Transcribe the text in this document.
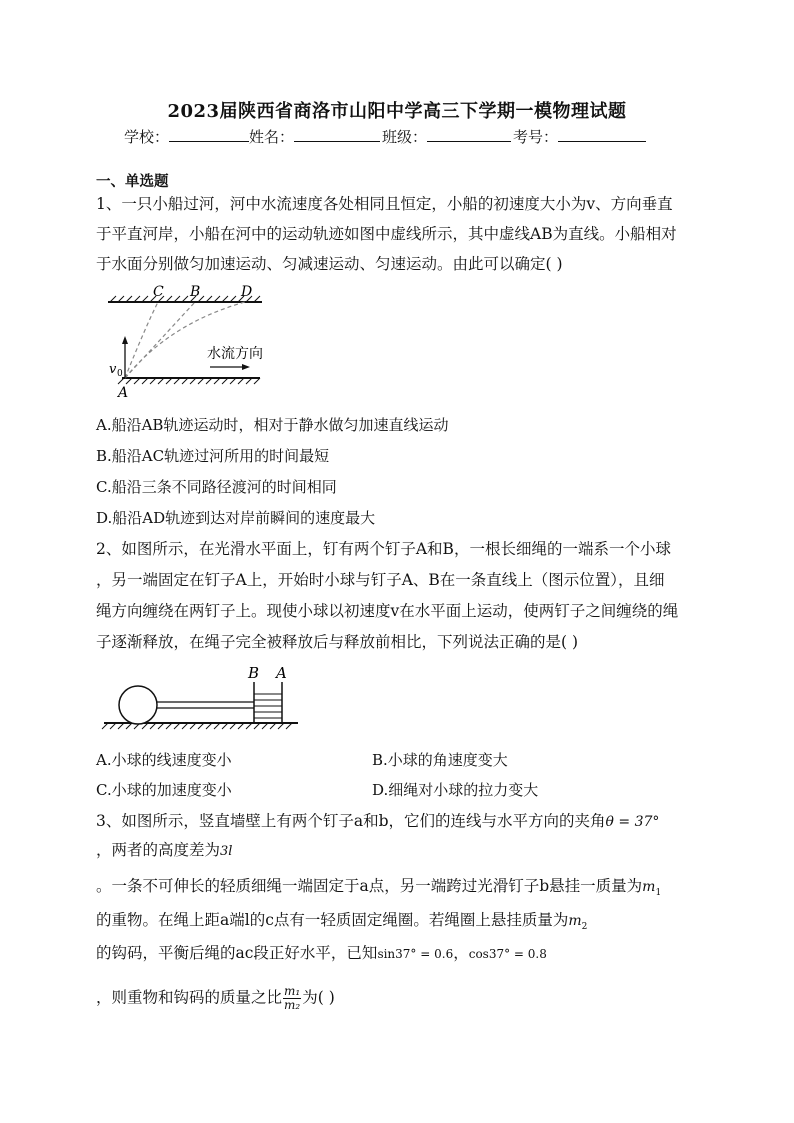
2023届陕西省商洛市山阳中学高三下学期一模物理试题
学校：	姓名：	班级：	考号：
一、单选题
1、一只小船过河，河中水流速度各处相同且恒定，小船的初速度大小为v、方向垂直
于平直河岸，小船在河中的运动轨迹如图中虚线所示，其中虚线AB为直线。小船相对
于水面分别做匀加速运动、匀减速运动、匀速运动。由此可以确定( )
C B	D
A
v 0
水流方向
A.船沿AB轨迹运动时，相对于静水做匀加速直线运动
B.船沿AC轨迹过河所用的时间最短
C.船沿三条不同路径渡河的时间相同
D.船沿AD轨迹到达对岸前瞬间的速度最大
2、如图所示，在光滑水平面上，钉有两个钉子A和B，一根长细绳的一端系一个小球
，另一端固定在钉子A上，开始时小球与钉子A、B在一条直线上（图示位置），且细
绳方向缠绕在两钉子上。现使小球以初速度v在水平面上运动，使两钉子之间缠绕的绳
子逐渐释放，在绳子完全被释放后与释放前相比，下列说法正确的是( )
B A
A.小球的线速度变小	B.小球的角速度变大
C.小球的加速度变小	D.细绳对小球的拉力变大
3、如图所示，竖直墙壁上有两个钉子a和b，它们的连线与水平方向的夹角θ = 37°
，两者的高度差为3l
。一条不可伸长的轻质细绳一端固定于a点，另一端跨过光滑钉子b悬挂一质量为$m_1$
的重物。在绳上距a端l的c点有一轻质固定绳圈。若绳圈上悬挂质量为$m_2$
的钩码，平衡后绳的ac段正好水平，已知sin37° = 0.6，cos37° = 0.8
，则重物和钩码的质量之比 $\frac{\text{m₁}}{\text{m₂}}$ 为( )
